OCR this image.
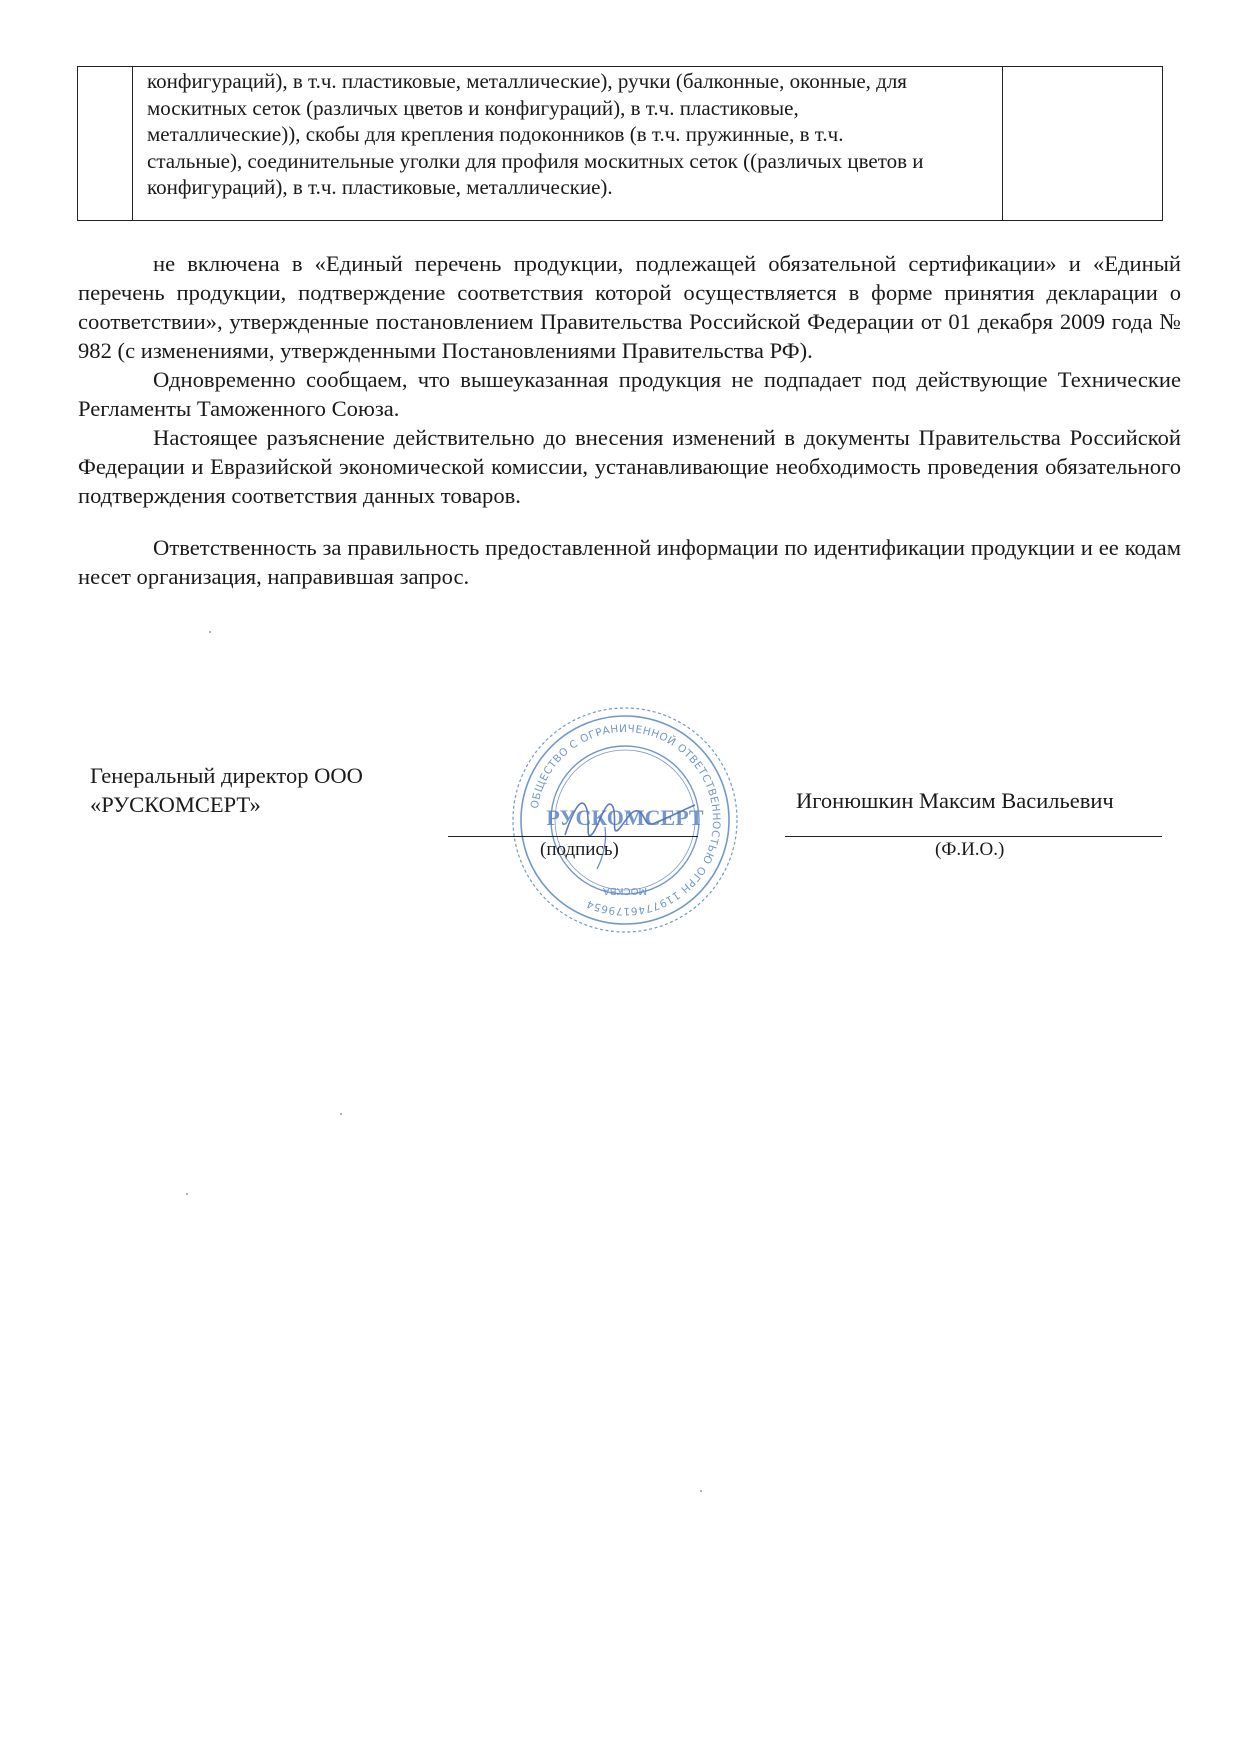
конфигураций), в т.ч. пластиковые, металлические), ручки (балконные, оконные, для
москитных сеток (различых цветов и конфигураций), в т.ч. пластиковые,
металлические)), скобы для крепления подоконников (в т.ч. пружинные, в т.ч.
стальные), соединительные уголки для профиля москитных сеток ((различых цветов и
конфигураций), в т.ч. пластиковые, металлические).

не включена в «Единый перечень продукции, подлежащей обязательной сертификации» и «Единый перечень продукции, подтверждение соответствия которой осуществляется в форме принятия декларации о соответствии», утвержденные постановлением Правительства Российской Федерации от 01 декабря 2009 года № 982 (с изменениями, утвержденными Постановлениями Правительства РФ).

Одновременно сообщаем, что вышеуказанная продукция не подпадает под действующие Технические Регламенты Таможенного Союза.

Настоящее разъяснение действительно до внесения изменений в документы Правительства Российской Федерации и Евразийской экономической комиссии, устанавливающие необходимость проведения обязательного подтверждения соответствия данных товаров.

Ответственность за правильность предоставленной информации по идентификации продукции и ее кодам несет организация, направившая запрос.

Генеральный директор ООО
«РУСКОМСЕРТ»	ОБЩЕСТВО С ОГРАНИЧЕННОЙ ОТВЕТСТВЕННОСТЬЮ ОГРН 1197746179654
РУСКОМСЕРТ
МОСКВА
(подпись)
Игонюшкин Максим Васильевич
(Ф.И.О.)
